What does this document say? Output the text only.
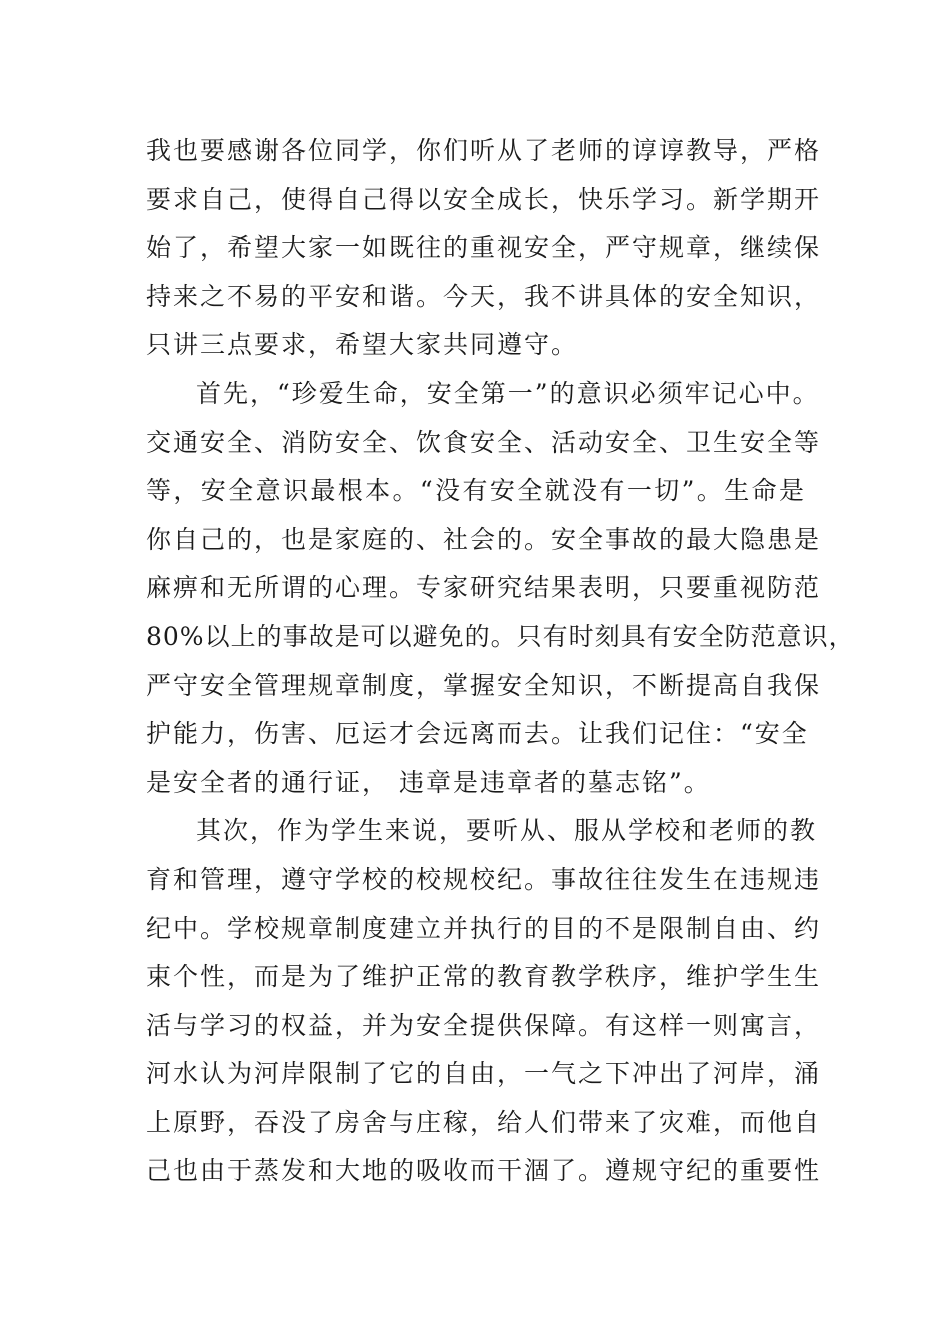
我也要感谢各位同学，你们听从了老师的谆谆教导，严格
要求自己，使得自己得以安全成长，快乐学习。新学期开
始了，希望大家一如既往的重视安全，严守规章，继续保
持来之不易的平安和谐。今天，我不讲具体的安全知识，
只讲三点要求，希望大家共同遵守。
首先，“珍爱生命，安全第一”的意识必须牢记心中。
交通安全、消防安全、饮食安全、活动安全、卫生安全等
等，安全意识最根本。“没有安全就没有一切”。生命是
你自己的，也是家庭的、社会的。安全事故的最大隐患是
麻痹和无所谓的心理。专家研究结果表明，只要重视防范
80%以上的事故是可以避免的。只有时刻具有安全防范意识，
严守安全管理规章制度，掌握安全知识，不断提高自我保
护能力，伤害、厄运才会远离而去。让我们记住：“安全
是安全者的通行证， 违章是违章者的墓志铭”。
其次，作为学生来说，要听从、服从学校和老师的教
育和管理，遵守学校的校规校纪。事故往往发生在违规违
纪中。学校规章制度建立并执行的目的不是限制自由、约
束个性，而是为了维护正常的教育教学秩序，维护学生生
活与学习的权益，并为安全提供保障。有这样一则寓言，
河水认为河岸限制了它的自由，一气之下冲出了河岸，涌
上原野，吞没了房舍与庄稼，给人们带来了灾难，而他自
己也由于蒸发和大地的吸收而干涸了。遵规守纪的重要性
